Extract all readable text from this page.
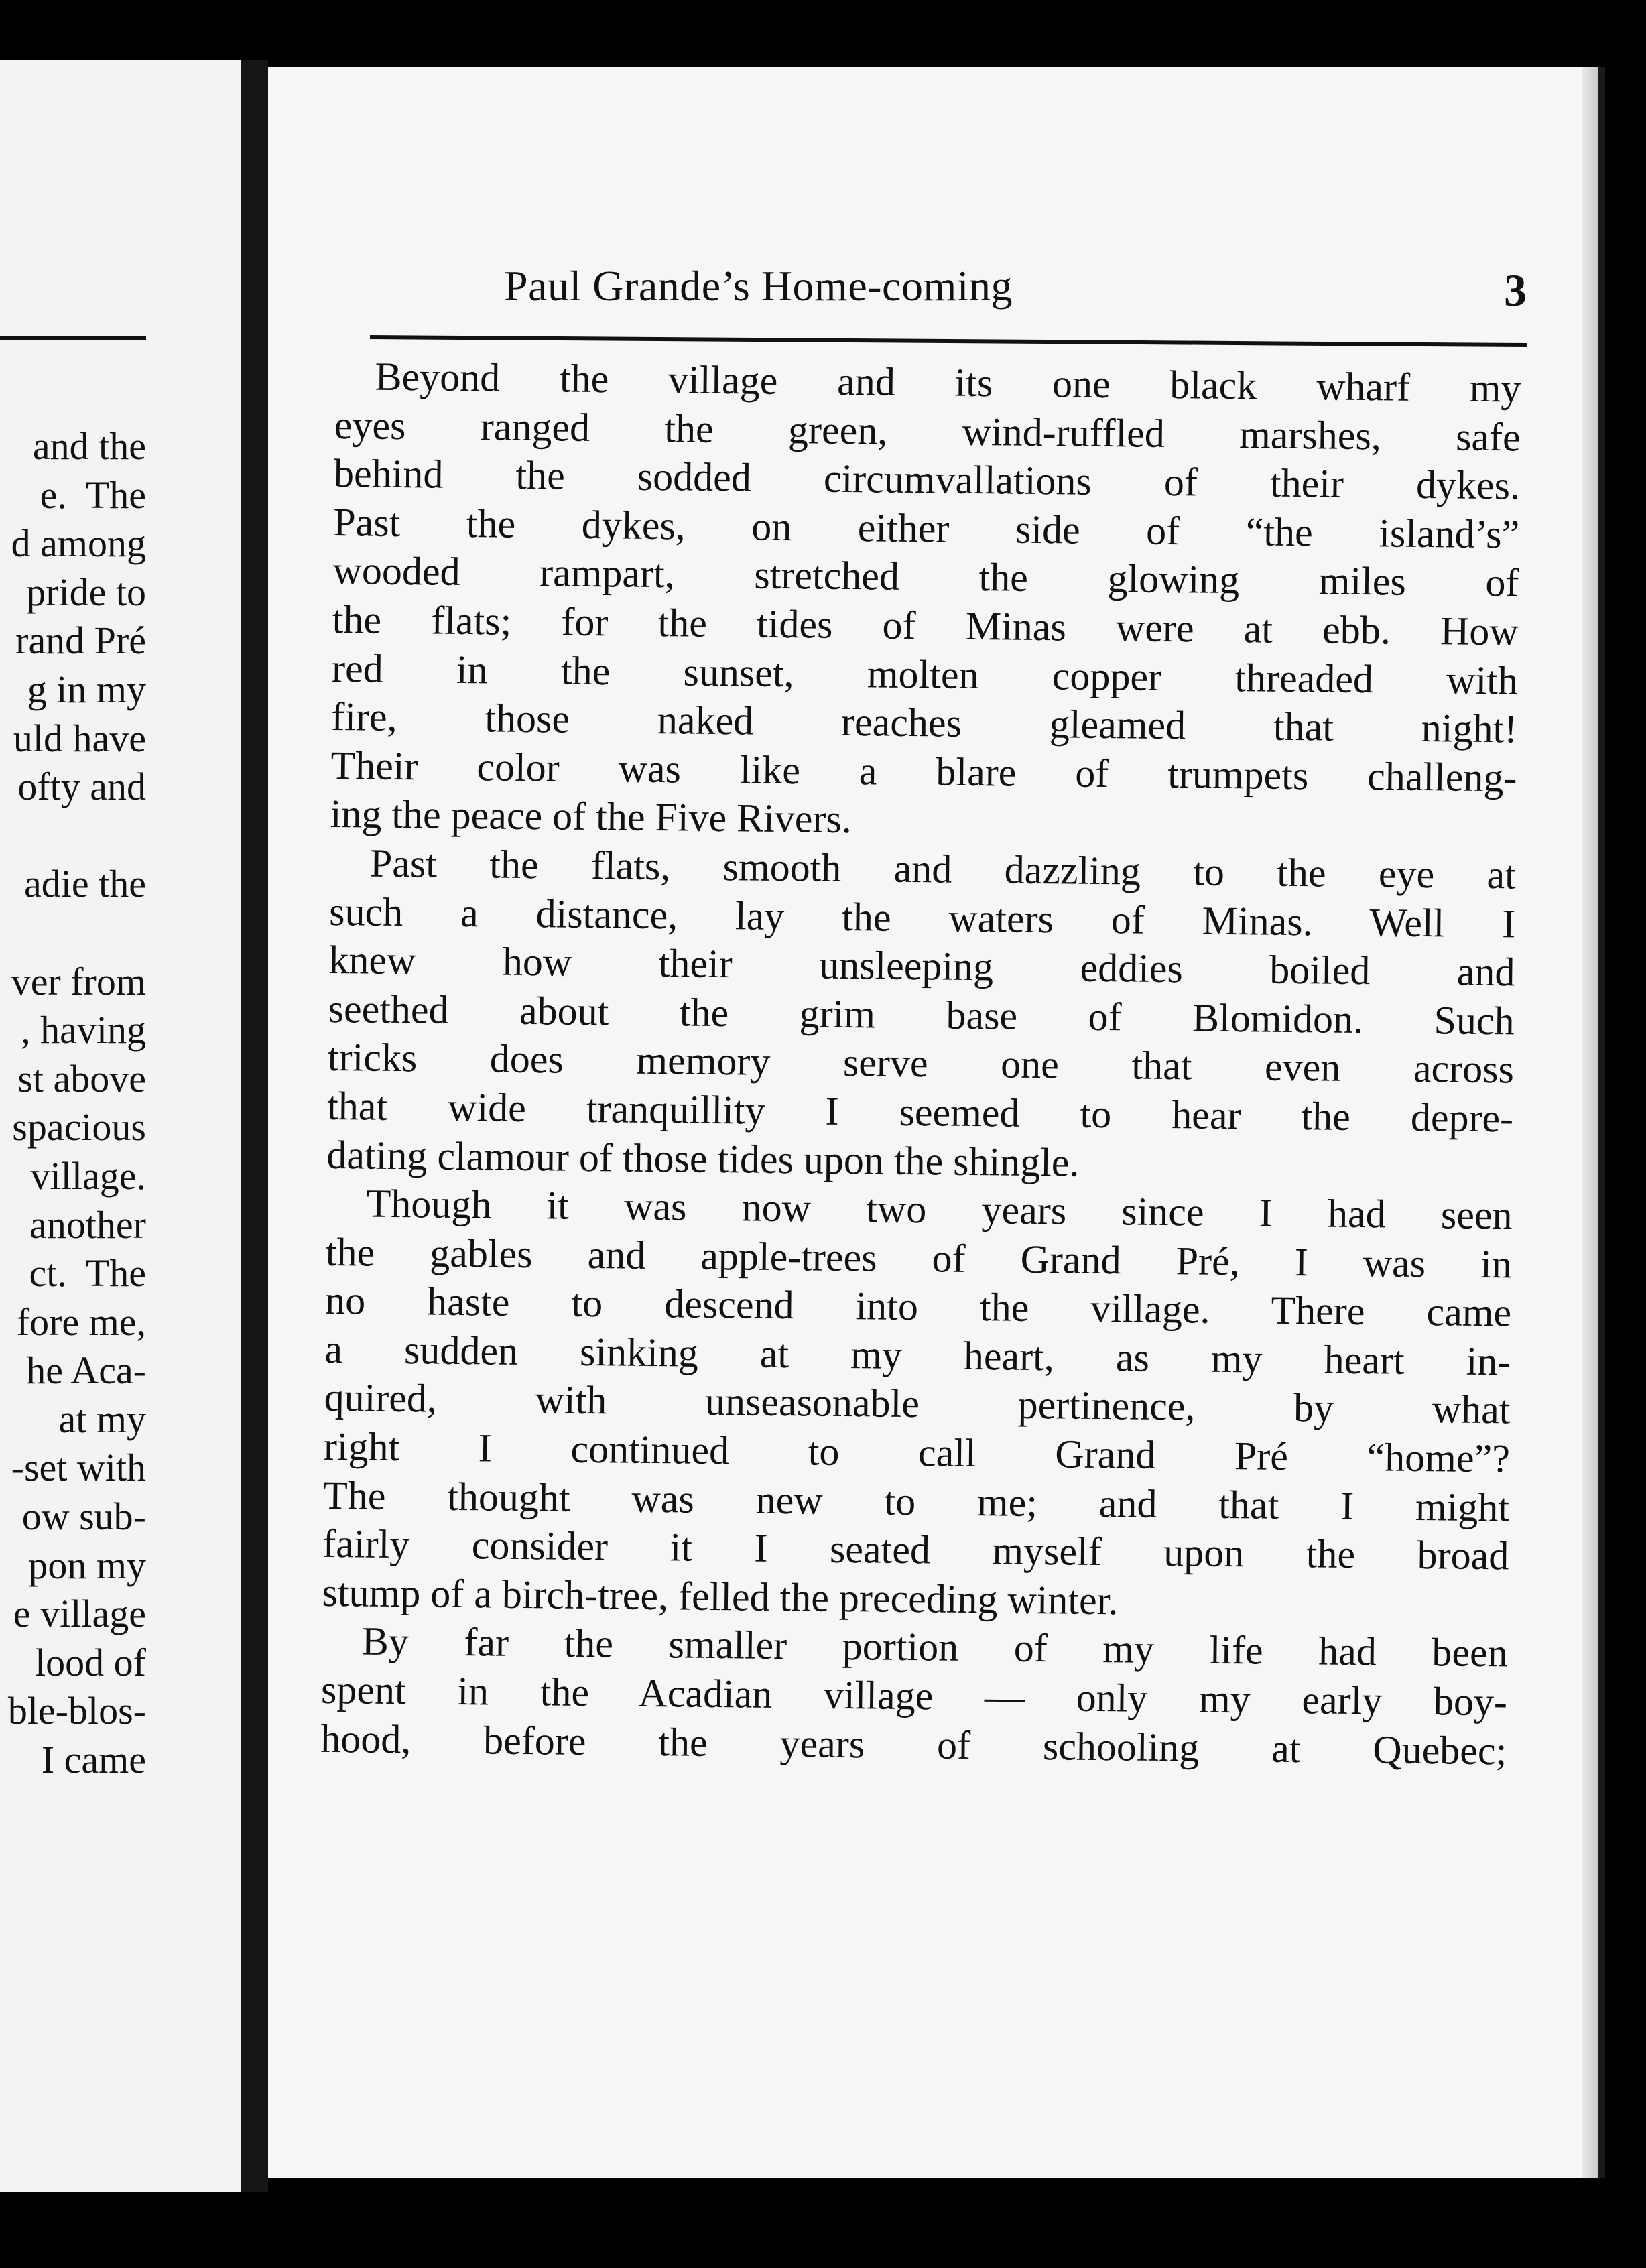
and the
e.  The
d among
pride to
rand Pré
g in my
uld have
ofty and
adie the
ver from
, having
st above
spacious
village.
another
ct.  The
fore me,
he Aca-
at my
-set with
ow sub-
pon my
e village
lood of
ble-blos-
I came
Paul Grande’s Home-coming	3
Beyond the village and its one black wharf my
eyes ranged the green, wind-ruffled marshes, safe
behind the sodded circumvallations of their dykes.
Past the dykes, on either side of “the island’s”
wooded rampart, stretched the glowing miles of
the flats; for the tides of Minas were at ebb. How
red in the sunset, molten copper threaded with
fire, those naked reaches gleamed that night!
Their color was like a blare of trumpets challeng-
ing the peace of the Five Rivers.
Past the flats, smooth and dazzling to the eye at
such a distance, lay the waters of Minas. Well I
knew how their unsleeping eddies boiled and
seethed about the grim base of Blomidon. Such
tricks does memory serve one that even across
that wide tranquillity I seemed to hear the depre-
dating clamour of those tides upon the shingle.
Though it was now two years since I had seen
the gables and apple-trees of Grand Pré, I was in
no haste to descend into the village. There came
a sudden sinking at my heart, as my heart in-
quired, with unseasonable pertinence, by what
right I continued to call Grand Pré “home”?
The thought was new to me; and that I might
fairly consider it I seated myself upon the broad
stump of a birch-tree, felled the preceding winter.
By far the smaller portion of my life had been
spent in the Acadian village — only my early boy-
hood, before the years of schooling at Quebec;
